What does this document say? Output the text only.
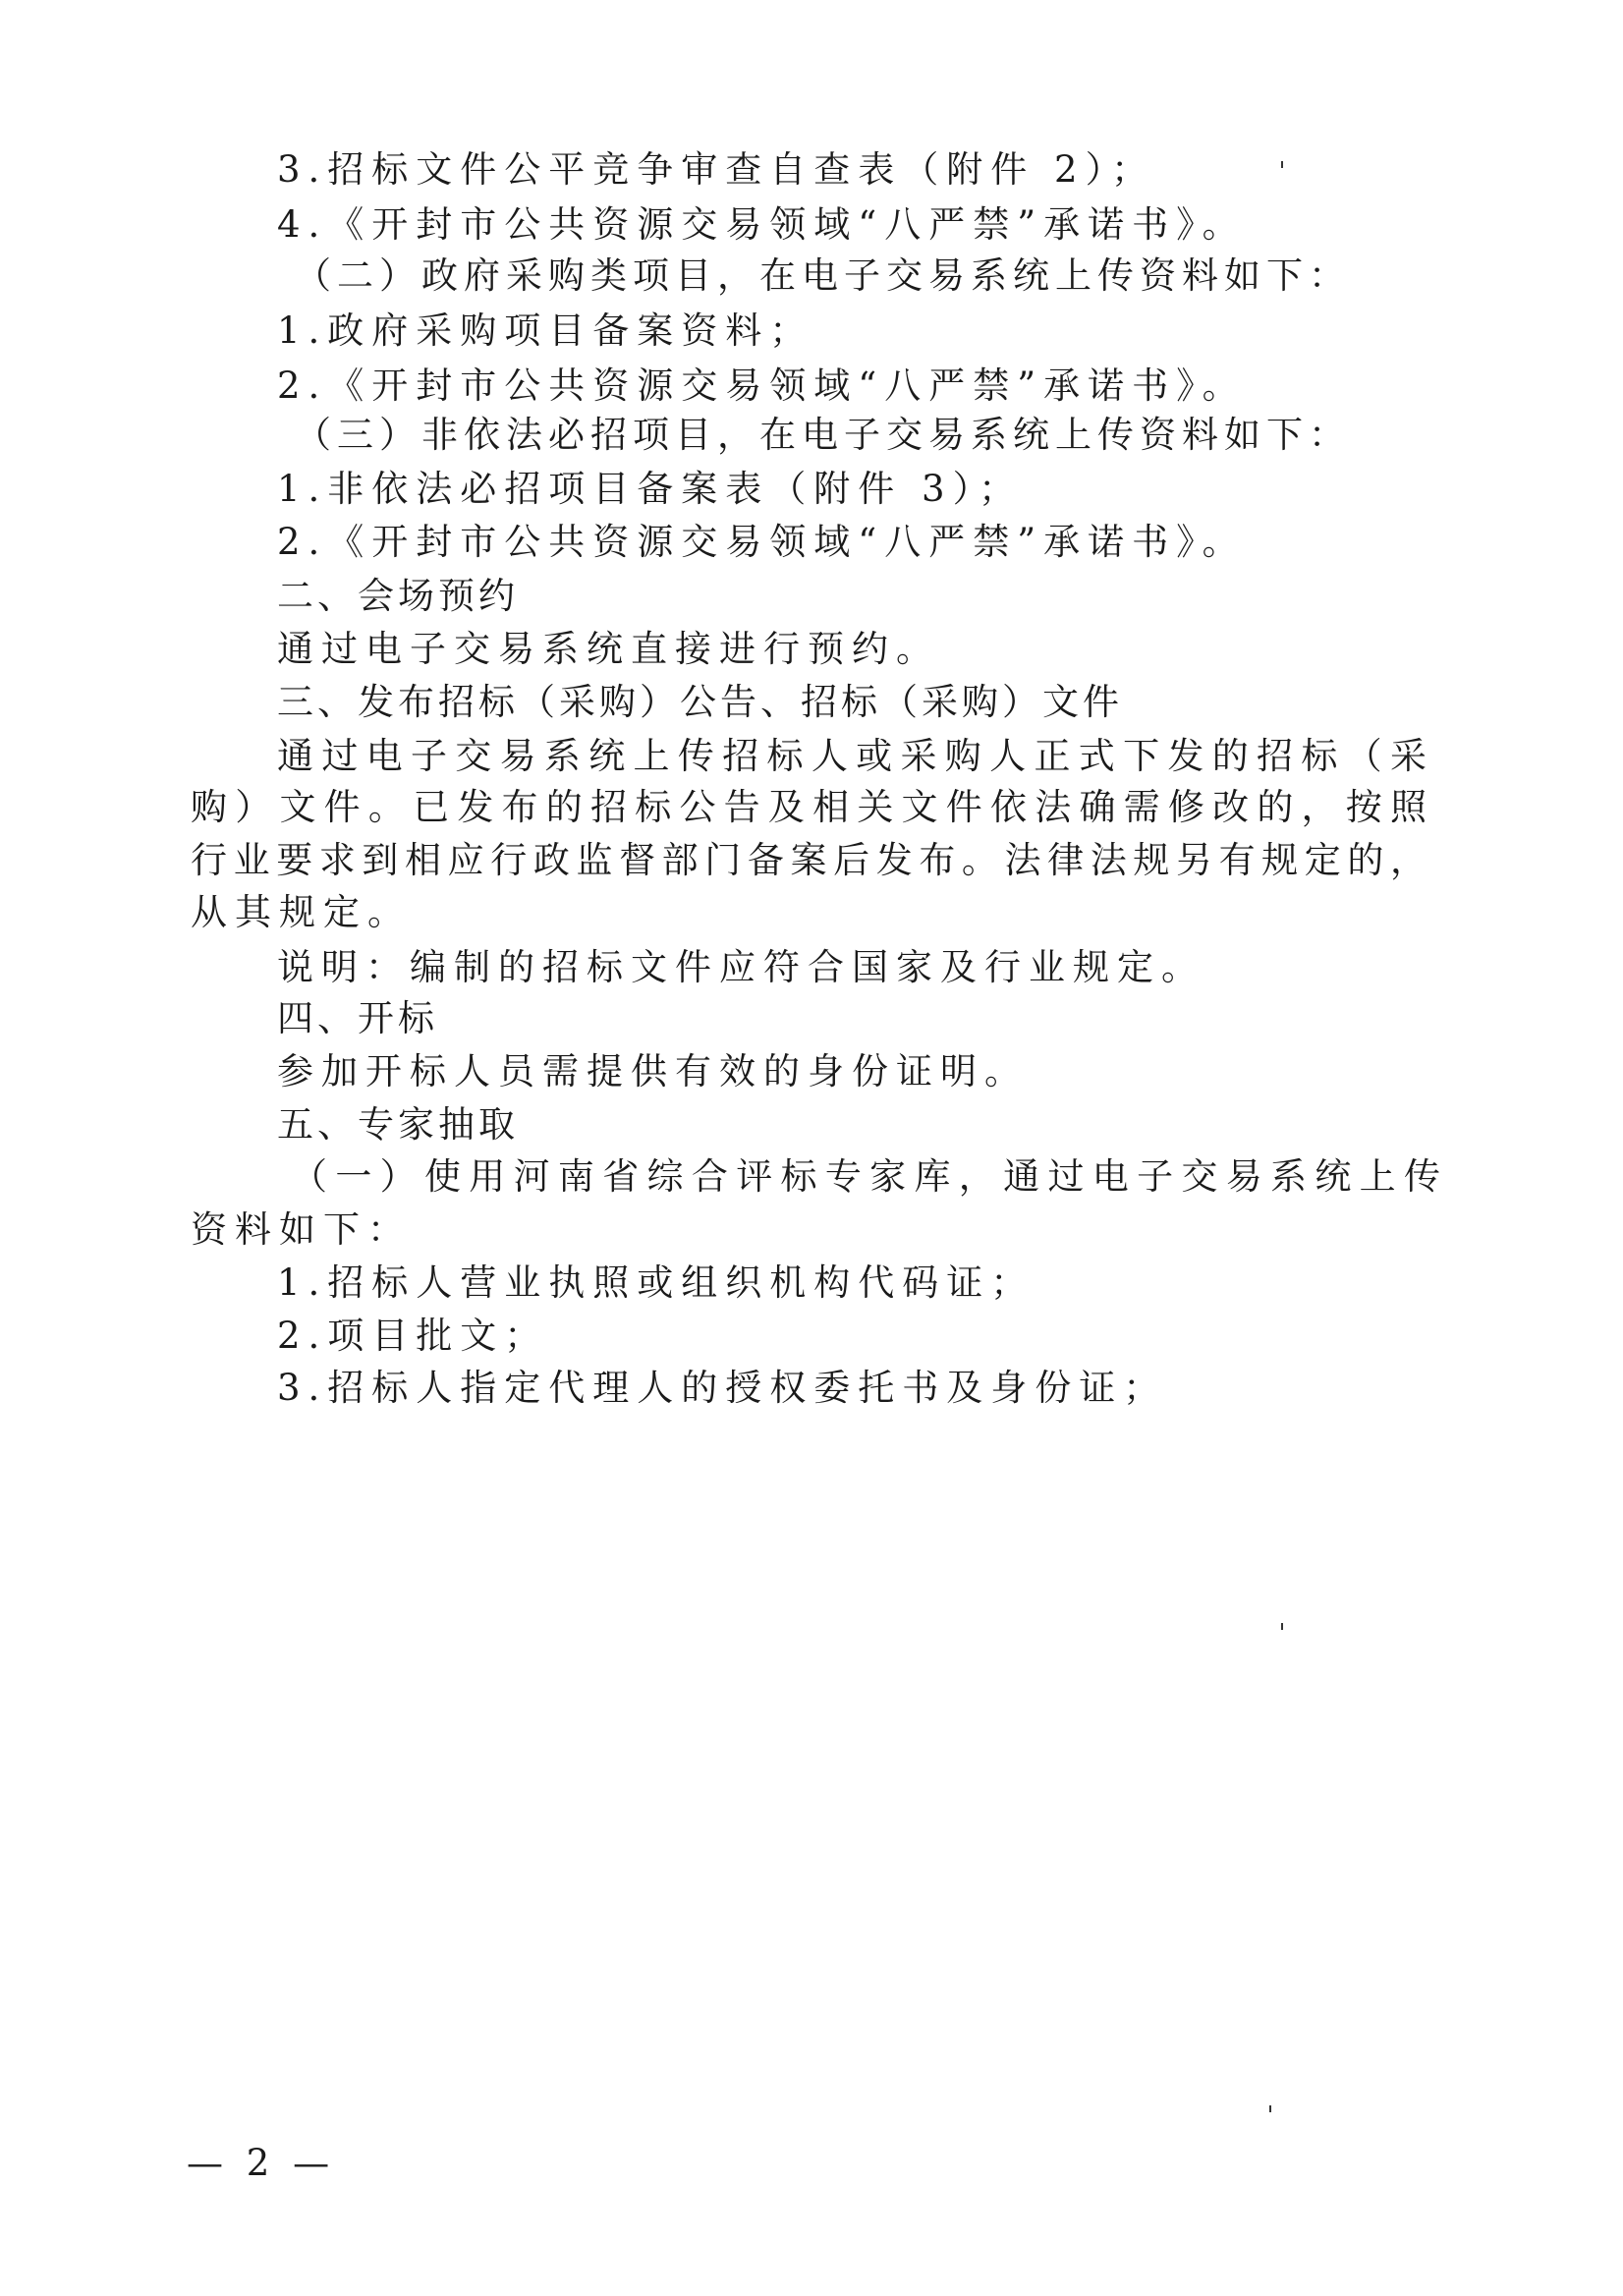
3.招标文件公平竞争审查自查表（附件 2）；
4.《开封市公共资源交易领域“八严禁”承诺书》。
（二）政府采购类项目，在电子交易系统上传资料如下：
1.政府采购项目备案资料；
2.《开封市公共资源交易领域“八严禁”承诺书》。
（三）非依法必招项目，在电子交易系统上传资料如下：
1.非依法必招项目备案表（附件 3）；
2.《开封市公共资源交易领域“八严禁”承诺书》。
二、会场预约
通过电子交易系统直接进行预约。
三、发布招标（采购）公告、招标（采购）文件
通过电子交易系统上传招标人或采购人正式下发的招标（采
购）文件。已发布的招标公告及相关文件依法确需修改的，按照
行业要求到相应行政监督部门备案后发布。法律法规另有规定的，
从其规定。
说明：编制的招标文件应符合国家及行业规定。
四、开标
参加开标人员需提供有效的身份证明。
五、专家抽取
（一）使用河南省综合评标专家库，通过电子交易系统上传
资料如下：
1.招标人营业执照或组织机构代码证；
2.项目批文；
3.招标人指定代理人的授权委托书及身份证；
— 2 —
